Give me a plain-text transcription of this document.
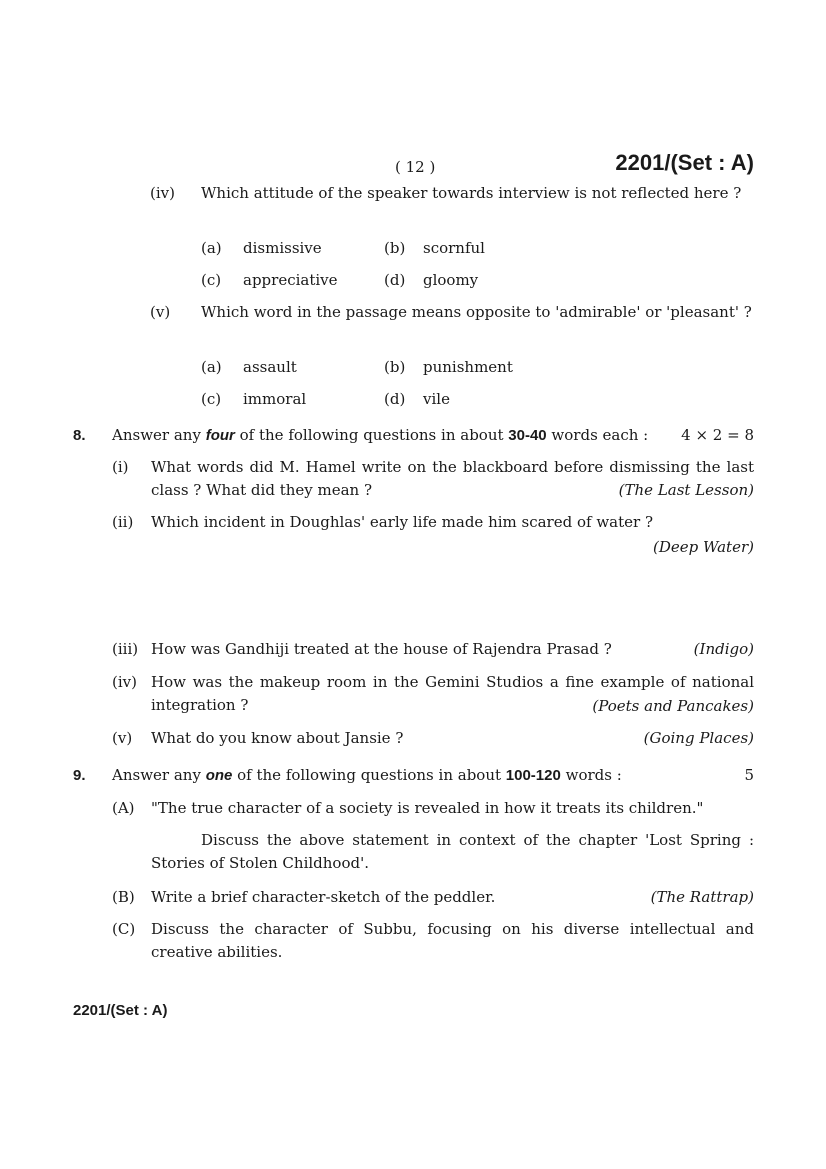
( 12 )	2201/(Set : A)
(iv) Which attitude of the speaker towards interview is not reflected here ?
(a) dismissive	(b) scornful
(c) appreciative	(d) gloomy
(v) Which word in the passage means opposite to 'admirable' or 'pleasant' ?
(a) assault	(b) punishment
(c) immoral	(d) vile
8. Answer any four of the following questions in about 30-40 words each : 4 × 2 = 8
(i) What words did M. Hamel write on the blackboard before dismissing the last class ? What did they mean ?	(The Last Lesson)
(ii) Which incident in Doughlas' early life made him scared of water ?
(Deep Water)
(iii) How was Gandhiji treated at the house of Rajendra Prasad ?	(Indigo)
(iv) How was the makeup room in the Gemini Studios a fine example of national integration ?	(Poets and Pancakes)
(v) What do you know about Jansie ?	(Going Places)
9. Answer any one of the following questions in about 100-120 words :	5
(A) "The true character of a society is revealed in how it treats its children."
Discuss the above statement in context of the chapter 'Lost Spring : Stories of Stolen Childhood'.
(B) Write a brief character-sketch of the peddler.	(The Rattrap)
(C) Discuss the character of Subbu, focusing on his diverse intellectual and creative abilities.
2201/(Set : A)
